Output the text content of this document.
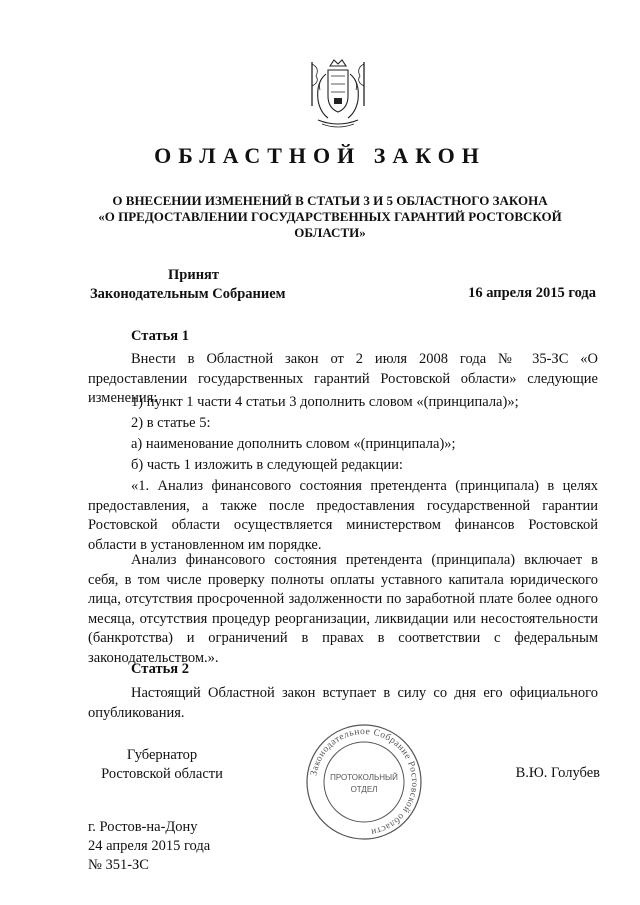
ОБЛАСТНОЙ ЗАКОН
О ВНЕСЕНИИ ИЗМЕНЕНИЙ В СТАТЬИ 3 И 5 ОБЛАСТНОГО ЗАКОНА
«О ПРЕДОСТАВЛЕНИИ ГОСУДАРСТВЕННЫХ ГАРАНТИЙ РОСТОВСКОЙ
ОБЛАСТИ»
Принят
Законодательным Собранием	16 апреля 2015 года
Статья 1
Внести в Областной закон от 2 июля 2008 года № 35-ЗС «О предоставлении государственных гарантий Ростовской области» следующие изменения:
1) пункт 1 части 4 статьи 3 дополнить словом «(принципала)»;
2) в статье 5:
а) наименование дополнить словом «(принципала)»;
б) часть 1 изложить в следующей редакции:
«1. Анализ финансового состояния претендента (принципала) в целях предоставления, а также после предоставления государственной гарантии Ростовской области осуществляется министерством финансов Ростовской области в установленном им порядке.
Анализ финансового состояния претендента (принципала) включает в себя, в том числе проверку полноты оплаты уставного капитала юридического лица, отсутствия просроченной задолженности по заработной плате более одного месяца, отсутствия процедур реорганизации, ликвидации или несостоятельности (банкротства) и ограничений в правах в соответствии с федеральным законодательством.».
Статья 2
Настоящий Областной закон вступает в силу со дня его официального опубликования.
Губернатор
Ростовской области	В.Ю. Голубев
Законодательное Собрание Ростовской области
ПРОТОКОЛЬНЫЙ
ОТДЕЛ
г. Ростов-на-Дону
24 апреля 2015 года
№ 351-ЗС
